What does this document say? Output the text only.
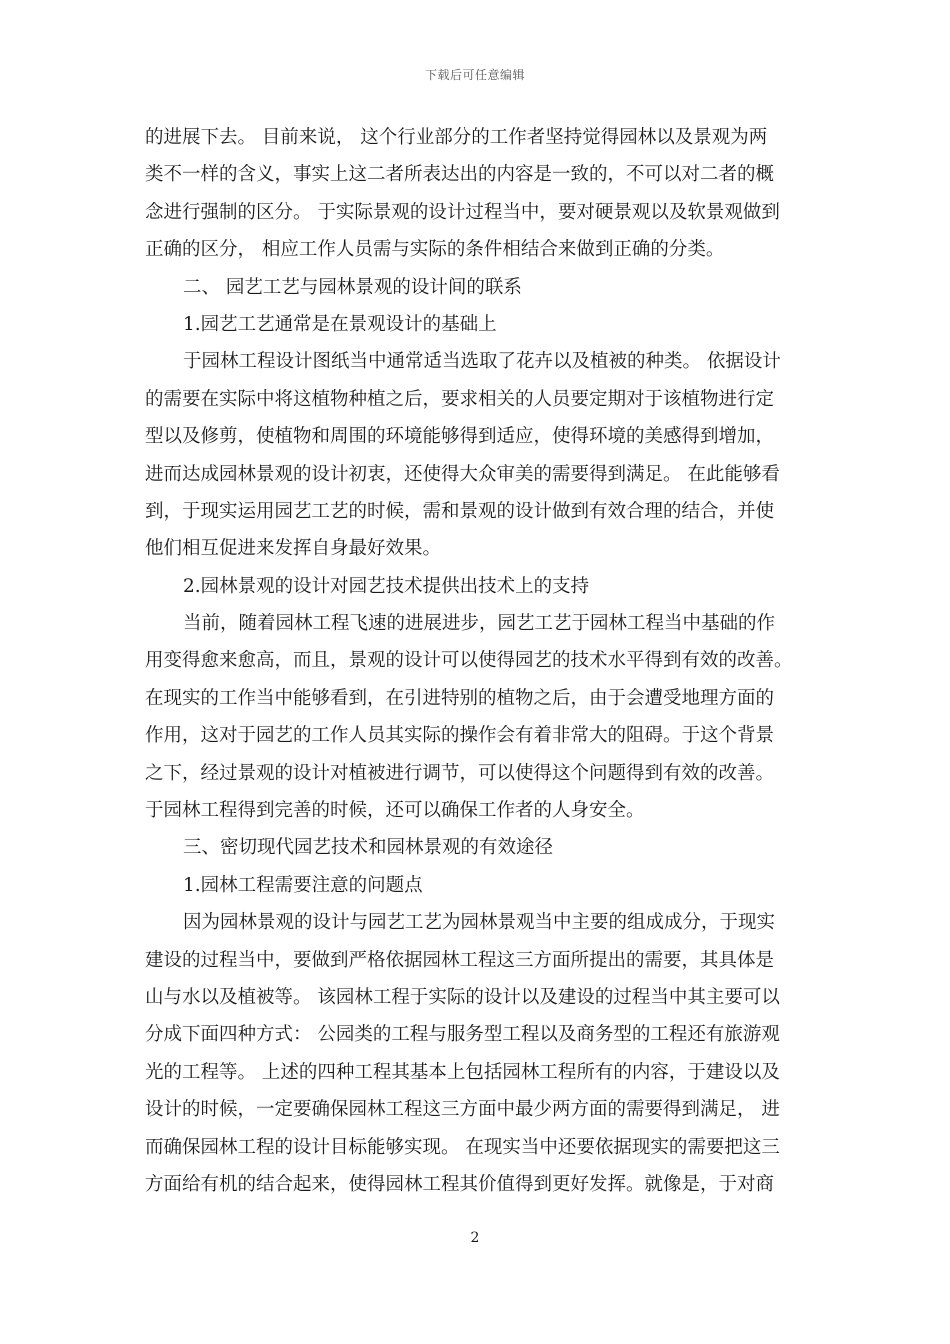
下载后可任意编辑
的进展下去。 目前来说， 这个行业部分的工作者坚持觉得园林以及景观为两
类不一样的含义，事实上这二者所表达出的内容是一致的，不可以对二者的概
念进行强制的区分。 于实际景观的设计过程当中，要对硬景观以及软景观做到
正确的区分， 相应工作人员需与实际的条件相结合来做到正确的分类。
二、 园艺工艺与园林景观的设计间的联系
1.园艺工艺通常是在景观设计的基础上
于园林工程设计图纸当中通常适当选取了花卉以及植被的种类。 依据设计
的需要在实际中将这植物种植之后，要求相关的人员要定期对于该植物进行定
型以及修剪，使植物和周围的环境能够得到适应，使得环境的美感得到增加，
进而达成园林景观的设计初衷，还使得大众审美的需要得到满足。 在此能够看
到，于现实运用园艺工艺的时候，需和景观的设计做到有效合理的结合，并使
他们相互促进来发挥自身最好效果。
2.园林景观的设计对园艺技术提供出技术上的支持
当前，随着园林工程飞速的进展进步，园艺工艺于园林工程当中基础的作
用变得愈来愈高，而且，景观的设计可以使得园艺的技术水平得到有效的改善。
在现实的工作当中能够看到，在引进特别的植物之后，由于会遭受地理方面的
作用，这对于园艺的工作人员其实际的操作会有着非常大的阻碍。于这个背景
之下，经过景观的设计对植被进行调节，可以使得这个问题得到有效的改善。
于园林工程得到完善的时候，还可以确保工作者的人身安全。
三、密切现代园艺技术和园林景观的有效途径
1.园林工程需要注意的问题点
因为园林景观的设计与园艺工艺为园林景观当中主要的组成成分，于现实
建设的过程当中，要做到严格依据园林工程这三方面所提出的需要，其具体是
山与水以及植被等。 该园林工程于实际的设计以及建设的过程当中其主要可以
分成下面四种方式： 公园类的工程与服务型工程以及商务型的工程还有旅游观
光的工程等。 上述的四种工程其基本上包括园林工程所有的内容，于建设以及
设计的时候，一定要确保园林工程这三方面中最少两方面的需要得到满足， 进
而确保园林工程的设计目标能够实现。 在现实当中还要依据现实的需要把这三
方面给有机的结合起来，使得园林工程其价值得到更好发挥。就像是，于对商
2
